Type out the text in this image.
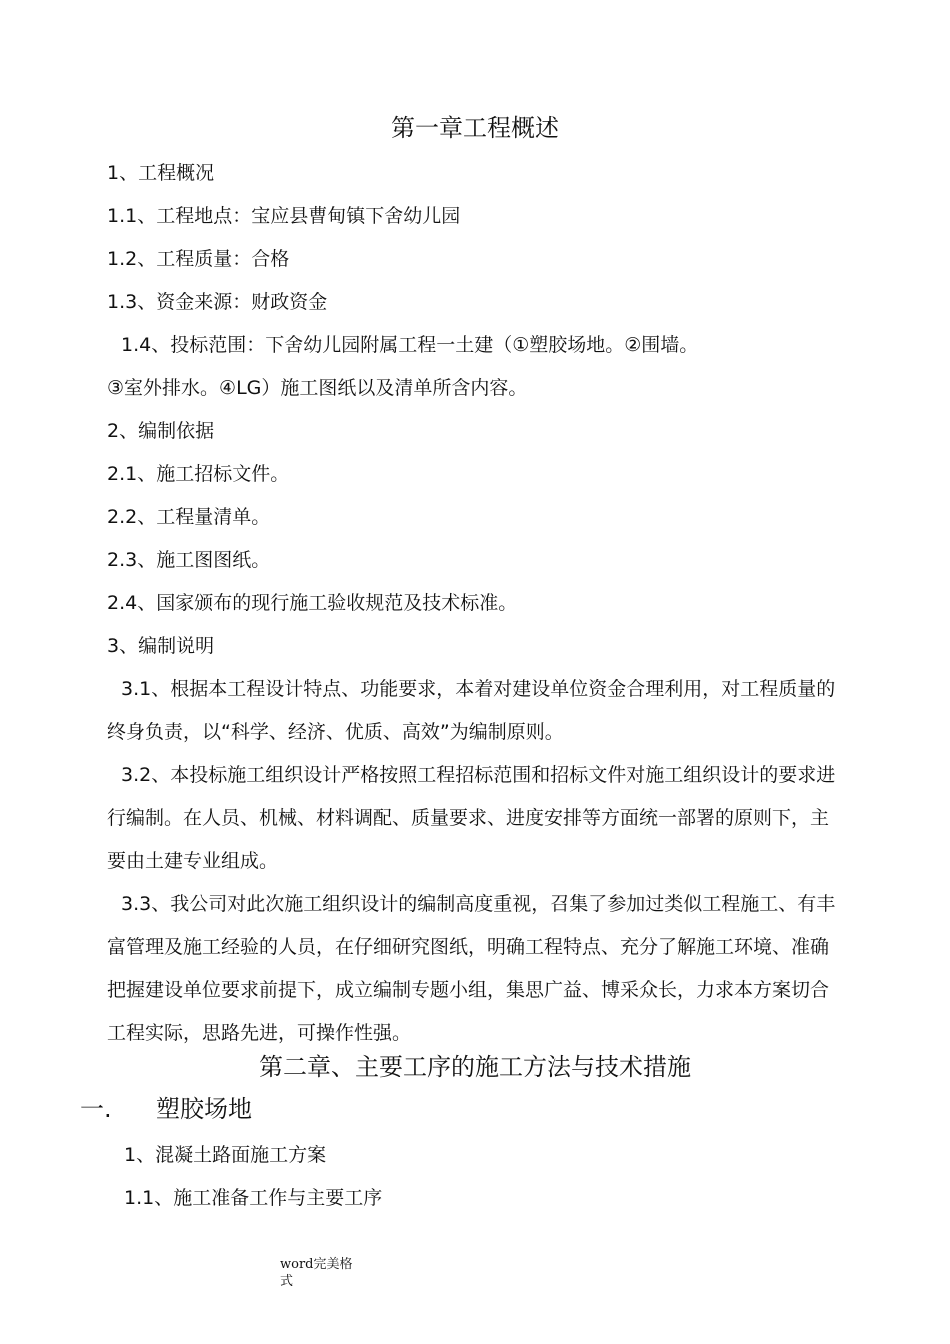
第一章工程概述
1、工程概况
1.1、工程地点：宝应县曹甸镇下舍幼儿园
1.2、工程质量：合格
1.3、资金来源：财政资金
1.4、投标范围：下舍幼儿园附属工程一土建（①塑胶场地。②围墙。
③室外排水。④LG）施工图纸以及清单所含内容。
2、编制依据
2.1、施工招标文件。
2.2、工程量清单。
2.3、施工图图纸。
2.4、国家颁布的现行施工验收规范及技术标准。
3、编制说明
3.1、根据本工程设计特点、功能要求，本着对建设单位资金合理利用，对工程质量的
终身负责，以“科学、经济、优质、高效”为编制原则。
3.2、本投标施工组织设计严格按照工程招标范围和招标文件对施工组织设计的要求进
行编制。在人员、机械、材料调配、质量要求、进度安排等方面统一部署的原则下，主
要由土建专业组成。
3.3、我公司对此次施工组织设计的编制高度重视，召集了参加过类似工程施工、有丰
富管理及施工经验的人员，在仔细研究图纸，明确工程特点、充分了解施工环境、准确
把握建设单位要求前提下，成立编制专题小组，集思广益、博采众长，力求本方案切合
工程实际，思路先进，可操作性强。
第二章、主要工序的施工方法与技术措施
一. 塑胶场地
1、混凝土路面施工方案
1.1、施工准备工作与主要工序
word完美格
式
